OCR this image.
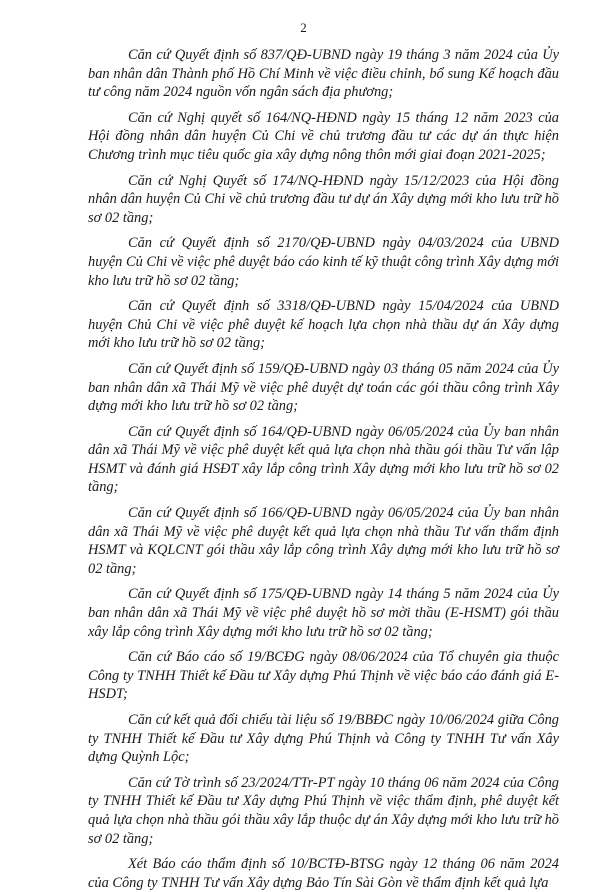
2

Căn cứ Quyết định số 837/QĐ-UBND ngày 19 tháng 3 năm 2024 của Ủy ban nhân dân Thành phố Hồ Chí Minh về việc điều chỉnh, bổ sung Kế hoạch đầu tư công năm 2024 nguồn vốn ngân sách địa phương;

Căn cứ Nghị quyết số 164/NQ-HĐND ngày 15 tháng 12 năm 2023 của Hội đồng nhân dân huyện Củ Chi về chủ trương đầu tư các dự án thực hiện Chương trình mục tiêu quốc gia xây dựng nông thôn mới giai đoạn 2021-2025;

Căn cứ Nghị Quyết số 174/NQ-HĐND ngày 15/12/2023 của Hội đồng nhân dân huyện Củ Chi về chủ trương đầu tư dự án Xây dựng mới kho lưu trữ hồ sơ 02 tầng;

Căn cứ Quyết định số 2170/QĐ-UBND ngày 04/03/2024 của UBND huyện Củ Chi về việc phê duyệt báo cáo kinh tế kỹ thuật công trình Xây dựng mới kho lưu trữ hồ sơ 02 tầng;

Căn cứ Quyết định số 3318/QĐ-UBND ngày 15/04/2024 của UBND huyện Chủ Chi về việc phê duyệt kế hoạch lựa chọn nhà thầu dự án Xây dựng mới kho lưu trữ hồ sơ 02 tầng;

Căn cứ Quyết định số 159/QĐ-UBND ngày 03 tháng 05 năm 2024 của Ủy ban nhân dân xã Thái Mỹ về việc phê duyệt dự toán các gói thầu công trình Xây dựng mới kho lưu trữ hồ sơ 02 tầng;

Căn cứ Quyết định số 164/QĐ-UBND ngày 06/05/2024 của Ủy ban nhân dân xã Thái Mỹ về việc phê duyệt kết quả lựa chọn nhà thầu gói thầu Tư vấn lập HSMT và đánh giá HSĐT xây lắp công trình Xây dựng mới kho lưu trữ hồ sơ 02 tầng;

Căn cứ Quyết định số 166/QĐ-UBND ngày 06/05/2024 của Ủy ban nhân dân xã Thái Mỹ về việc phê duyệt kết quả lựa chọn nhà thầu Tư vấn thẩm định HSMT và KQLCNT gói thầu xây lắp công trình Xây dựng mới kho lưu trữ hồ sơ 02 tầng;

Căn cứ Quyết định số 175/QĐ-UBND ngày 14 tháng 5 năm 2024 của Ủy ban nhân dân xã Thái Mỹ về việc phê duyệt hồ sơ mời thầu (E-HSMT) gói thầu xây lắp công trình Xây dựng mới kho lưu trữ hồ sơ 02 tầng;

Căn cứ Báo cáo số 19/BCĐG ngày 08/06/2024 của Tổ chuyên gia thuộc Công ty TNHH Thiết kế Đầu tư Xây dựng Phú Thịnh về việc báo cáo đánh giá E-HSDT;

Căn cứ kết quả đối chiếu tài liệu số 19/BBĐC ngày 10/06/2024 giữa Công ty TNHH Thiết kế Đầu tư Xây dựng Phú Thịnh và Công ty TNHH Tư vấn Xây dựng Quỳnh Lộc;

Căn cứ Tờ trình số 23/2024/TTr-PT ngày 10 tháng 06 năm 2024 của Công ty TNHH Thiết kế Đầu tư Xây dựng Phú Thịnh về việc thẩm định, phê duyệt kết quả lựa chọn nhà thầu gói thầu xây lắp thuộc dự án Xây dựng mới kho lưu trữ hồ sơ 02 tầng;

Xét Báo cáo thẩm định số 10/BCTĐ-BTSG ngày 12 tháng 06 năm 2024 của Công ty TNHH Tư vấn Xây dựng Bảo Tín Sài Gòn về thẩm định kết quả lựa
